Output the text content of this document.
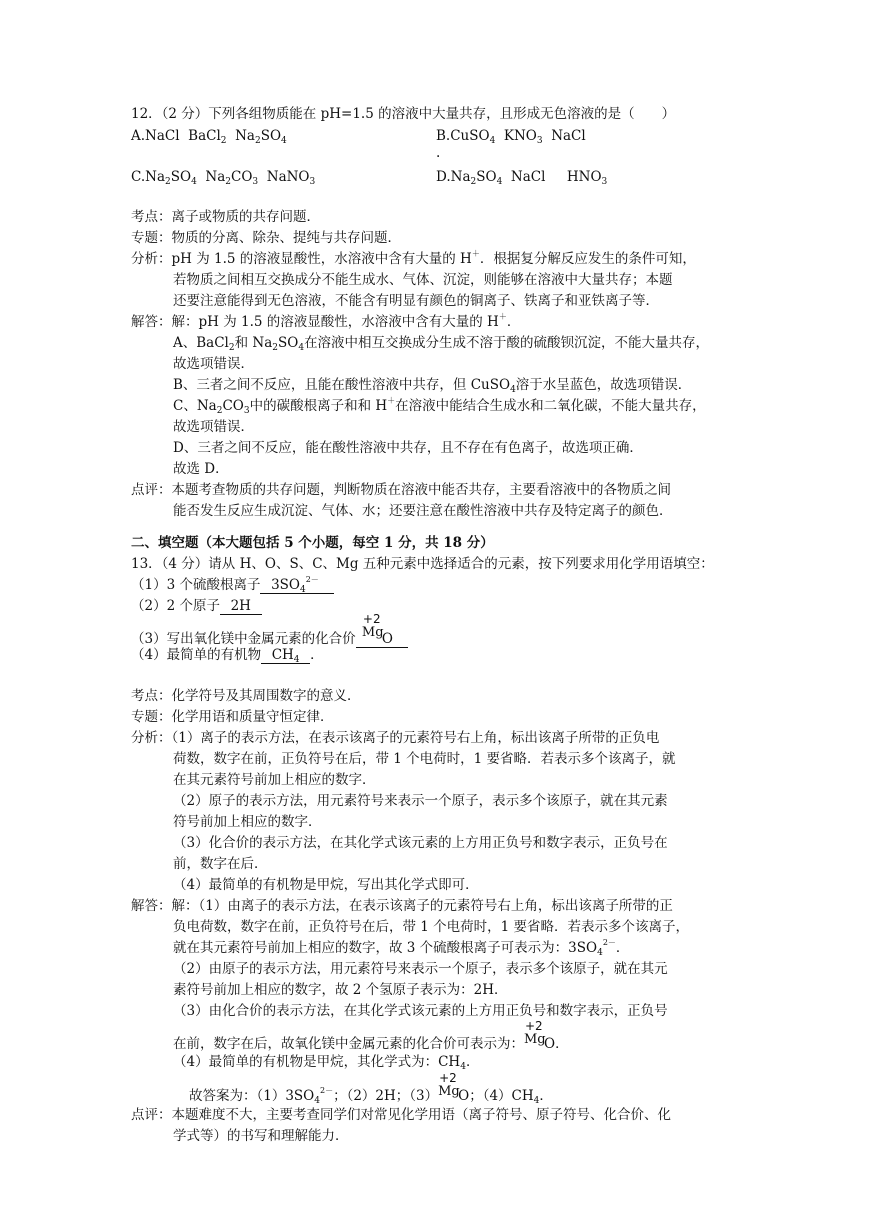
12．（2 分）下列各组物质能在 pH=1.5 的溶液中大量共存，且形成无色溶液的是（　　）
A.NaCl BaCl$_2$ $Na_2SO_4$	B.CuSO$_4$ $KNO_3$ NaCl
.
$C.Na_2SO_4$ $Na_2CO_3$ NaNO$_3$	$D.Na_2SO_4$ NaCl $HNO_3$
考点：离子或物质的共存问题．
专题：物质的分离、除杂、提纯与共存问题．
分析：pH 为 1.5 的溶液显酸性，水溶液中含有大量的 H＋．根据复分解反应发生的条件可知，
若物质之间相互交换成分不能生成水、气体、沉淀，则能够在溶液中大量共存；本题
还要注意能得到无色溶液，不能含有明显有颜色的铜离子、铁离子和亚铁离子等．
解答：解：pH 为 1.5 的溶液显酸性，水溶液中含有大量的 H＋．
A、BaCl$_2$和 $Na_2SO_4$在溶液中相互交换成分生成不溶于酸的硫酸钡沉淀，不能大量共存，
故选项错误．
B、三者之间不反应，且能在酸性溶液中共存，但 CuSO$_4$溶于水呈蓝色，故选项错误．
C、$Na_2CO_3$中的碳酸根离子和和 H＋在溶液中能结合生成水和二氧化碳，不能大量共存，
故选项错误．
D、三者之间不反应，能在酸性溶液中共存，且不存在有色离子，故选项正确．
故选 D．
点评：本题考查物质的共存问题，判断物质在溶液中能否共存，主要看溶液中的各物质之间
能否发生反应生成沉淀、气体、水；还要注意在酸性溶液中共存及特定离子的颜色．
二、填空题（本大题包括 5 个小题，每空 1 分，共 18 分）
13．（4 分）请从 H、O、S、C、Mg 五种元素中选择适合的元素，按下列要求用化学用语填空：
（1）3 个硫酸根离子 $3SO_4^{2-}$
（2）2 个原子 2H
（3）写出氧化镁中金属元素的化合价
+2
Mg
O
（4）最简单的有机物 $CH_4$ ．
考点：化学符号及其周围数字的意义．
专题：化学用语和质量守恒定律．
分析：（1）离子的表示方法，在表示该离子的元素符号右上角，标出该离子所带的正负电
荷数，数字在前，正负符号在后，带 1 个电荷时，1 要省略．若表示多个该离子，就
在其元素符号前加上相应的数字．
（2）原子的表示方法，用元素符号来表示一个原子，表示多个该原子，就在其元素
符号前加上相应的数字．
（3）化合价的表示方法，在其化学式该元素的上方用正负号和数字表示，正负号在
前，数字在后．
（4）最简单的有机物是甲烷，写出其化学式即可．
解答：解：（1）由离子的表示方法，在表示该离子的元素符号右上角，标出该离子所带的正
负电荷数，数字在前，正负符号在后，带 1 个电荷时，1 要省略．若表示多个该离子，
就在其元素符号前加上相应的数字，故 3 个硫酸根离子可表示为：$3SO_4^{2-}$．
（2）由原子的表示方法，用元素符号来表示一个原子，表示多个该原子，就在其元
素符号前加上相应的数字，故 2 个氢原子表示为：2H．
（3）由化合价的表示方法，在其化学式该元素的上方用正负号和数字表示，正负号
在前，数字在后，故氧化镁中金属元素的化合价可表示为：
+2
Mg
O．
（4）最简单的有机物是甲烷，其化学式为：$CH_4$．
故答案为：$(1)3SO_4^{2-}$；（2）2H；（3）
+2
Mg
O；$(4)CH_4$．
点评：本题难度不大，主要考查同学们对常见化学用语（离子符号、原子符号、化合价、化
学式等）的书写和理解能力．
